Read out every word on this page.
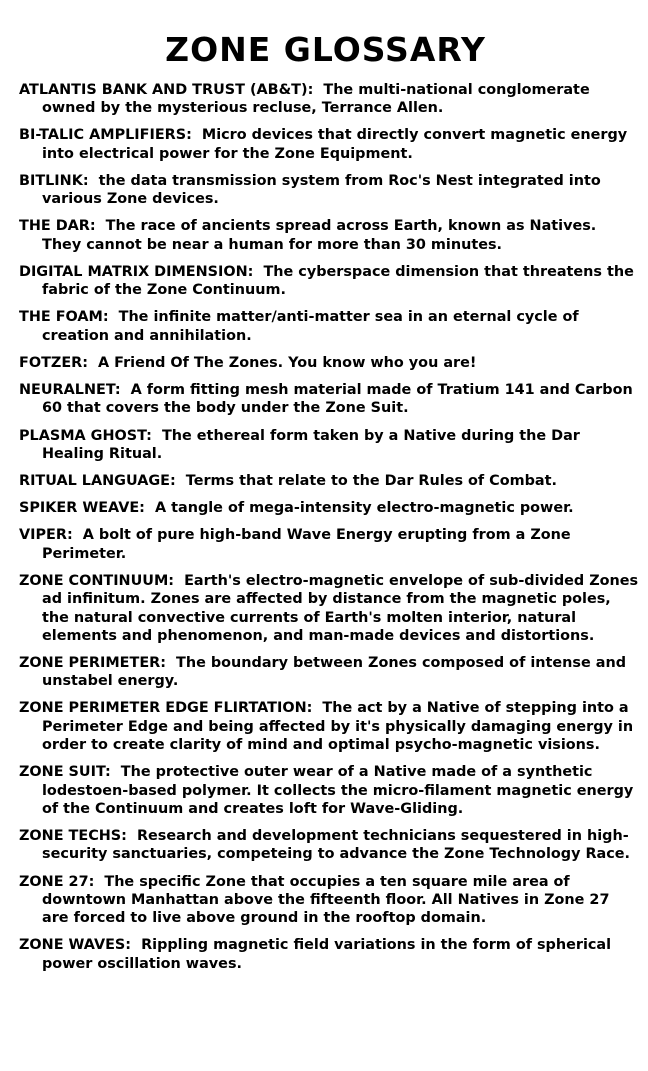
ZONE GLOSSARY

ATLANTIS BANK AND TRUST (AB&T): The multi-national conglomerate owned by the mysterious recluse, Terrance Allen.

BI-TALIC AMPLIFIERS: Micro devices that directly convert magnetic energy into electrical power for the Zone Equipment.

BITLINK: the data transmission system from Roc's Nest integrated into various Zone devices.

THE DAR: The race of ancients spread across Earth, known as Natives. They cannot be near a human for more than 30 minutes.

DIGITAL MATRIX DIMENSION: The cyberspace dimension that threatens the fabric of the Zone Continuum.

THE FOAM: The infinite matter/anti-matter sea in an eternal cycle of creation and annihilation.

FOTZER: A Friend Of The Zones. You know who you are!

NEURALNET: A form fitting mesh material made of Tratium 141 and Carbon 60 that covers the body under the Zone Suit.

PLASMA GHOST: The ethereal form taken by a Native during the Dar Healing Ritual.

RITUAL LANGUAGE: Terms that relate to the Dar Rules of Combat.

SPIKER WEAVE: A tangle of mega-intensity electro-magnetic power.

VIPER: A bolt of pure high-band Wave Energy erupting from a Zone Perimeter.

ZONE CONTINUUM: Earth's electro-magnetic envelope of sub-divided Zones ad infinitum. Zones are affected by distance from the magnetic poles, the natural convective currents of Earth's molten interior, natural elements and phenomenon, and man-made devices and distortions.

ZONE PERIMETER: The boundary between Zones composed of intense and unstabel energy.

ZONE PERIMETER EDGE FLIRTATION: The act by a Native of stepping into a Perimeter Edge and being affected by it's physically damaging energy in order to create clarity of mind and optimal psycho-magnetic visions.

ZONE SUIT: The protective outer wear of a Native made of a synthetic lodestoen-based polymer. It collects the micro-filament magnetic energy of the Continuum and creates loft for Wave-Gliding.

ZONE TECHS: Research and development technicians sequestered in high-security sanctuaries, competeing to advance the Zone Technology Race.

ZONE 27: The specific Zone that occupies a ten square mile area of downtown Manhattan above the fifteenth floor. All Natives in Zone 27 are forced to live above ground in the rooftop domain.

ZONE WAVES: Rippling magnetic field variations in the form of spherical power oscillation waves.
